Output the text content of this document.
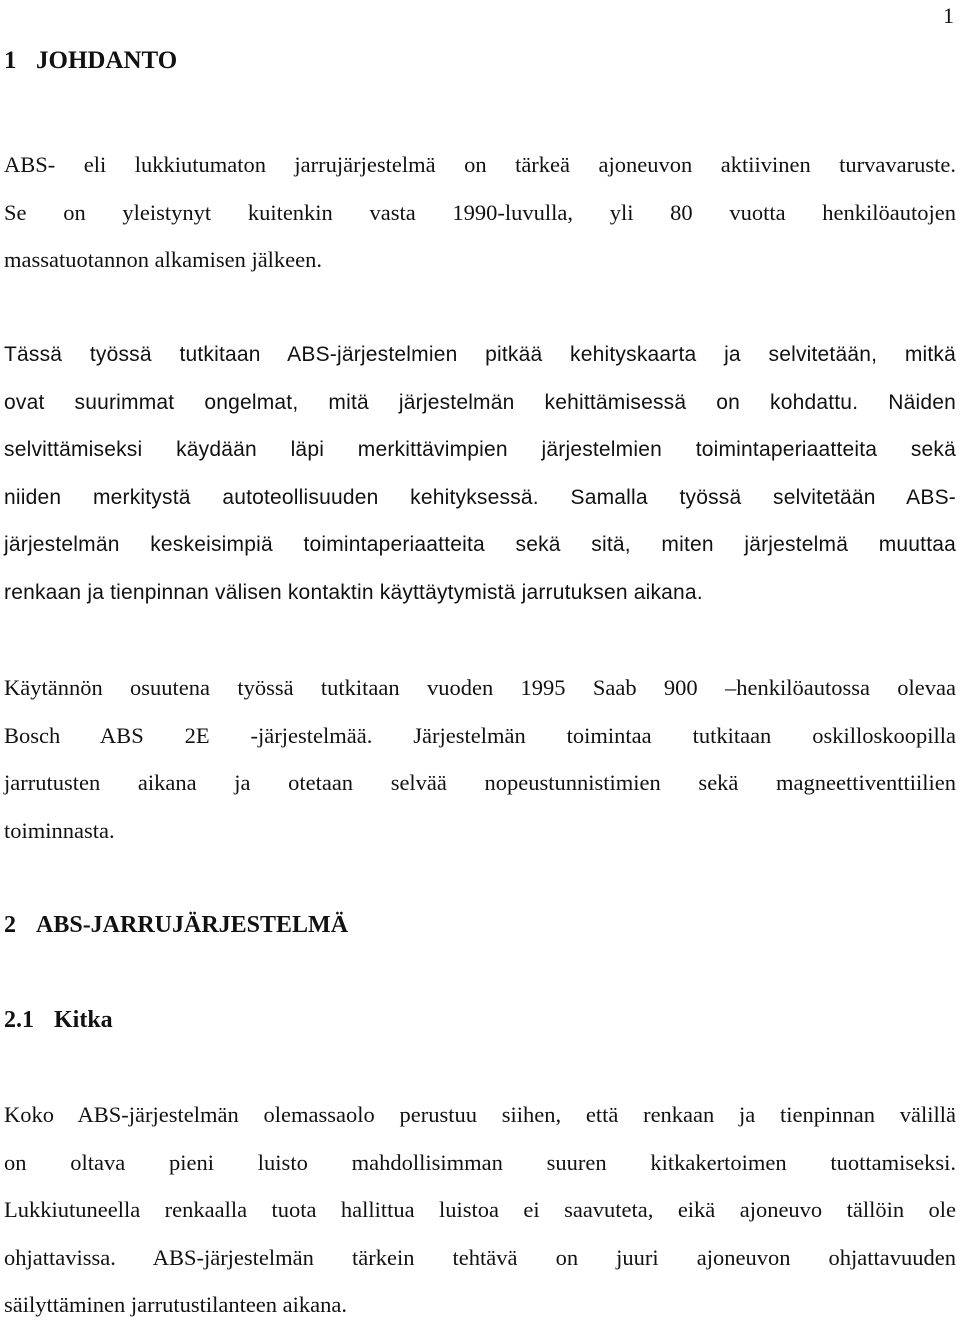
1
1 JOHDANTO
ABS- eli lukkiutumaton jarrujärjestelmä on tärkeä ajoneuvon aktiivinen turvavaruste.
Se on yleistynyt kuitenkin vasta 1990-luvulla, yli 80 vuotta henkilöautojen
massatuotannon alkamisen jälkeen.
Tässä työssä tutkitaan ABS-järjestelmien pitkää kehityskaarta ja selvitetään, mitkä
ovat suurimmat ongelmat, mitä järjestelmän kehittämisessä on kohdattu. Näiden
selvittämiseksi käydään läpi merkittävimpien järjestelmien toimintaperiaatteita sekä
niiden merkitystä autoteollisuuden kehityksessä. Samalla työssä selvitetään ABS-
järjestelmän keskeisimpiä toimintaperiaatteita sekä sitä, miten järjestelmä muuttaa
renkaan ja tienpinnan välisen kontaktin käyttäytymistä jarrutuksen aikana.
Käytännön osuutena työssä tutkitaan vuoden 1995 Saab 900 –henkilöautossa olevaa
Bosch ABS 2E -järjestelmää. Järjestelmän toimintaa tutkitaan oskilloskoopilla
jarrutusten aikana ja otetaan selvää nopeustunnistimien sekä magneettiventtiilien
toiminnasta.
2 ABS-JARRUJÄRJESTELMÄ
2.1 Kitka
Koko ABS-järjestelmän olemassaolo perustuu siihen, että renkaan ja tienpinnan välillä
on oltava pieni luisto mahdollisimman suuren kitkakertoimen tuottamiseksi.
Lukkiutuneella renkaalla tuota hallittua luistoa ei saavuteta, eikä ajoneuvo tällöin ole
ohjattavissa. ABS-järjestelmän tärkein tehtävä on juuri ajoneuvon ohjattavuuden
säilyttäminen jarrutustilanteen aikana.
